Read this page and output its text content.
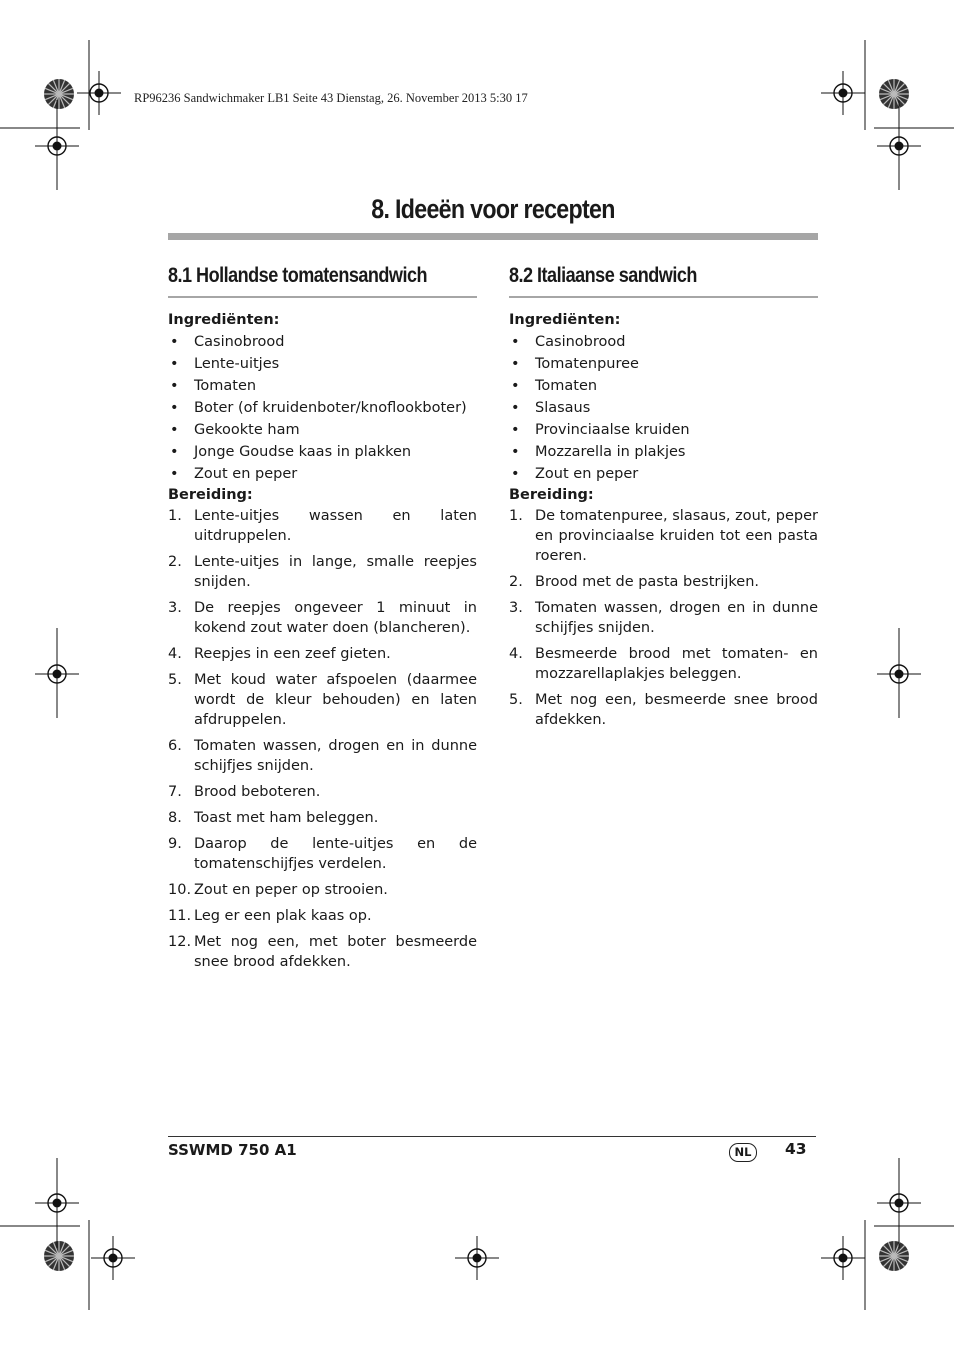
RP96236 Sandwichmaker LB1 Seite 43 Dienstag, 26. November 2013 5:30 17
8. Ideeën voor recepten
8.1 Hollandse tomatensandwich
Ingrediënten:
• Casinobrood
• Lente-uitjes
• Tomaten
• Boter (of kruidenboter/knoflookboter)
• Gekookte ham
• Jonge Goudse kaas in plakken
• Zout en peper
Bereiding:
1. Lente-uitjes wassen en laten uitdruppelen.
2. Lente-uitjes in lange, smalle reepjes snijden.
3. De reepjes ongeveer 1 minuut in kokend zout water doen (blancheren).
4. Reepjes in een zeef gieten.
5. Met koud water afspoelen (daarmee wordt de kleur behouden) en laten afdruppelen.
6. Tomaten wassen, drogen en in dunne schijfjes snijden.
7. Brood beboteren.
8. Toast met ham beleggen.
9. Daarop de lente-uitjes en de tomatenschijfjes verdelen.
10. Zout en peper op strooien.
11. Leg er een plak kaas op.
12. Met nog een, met boter besmeerde snee brood afdekken.
8.2 Italiaanse sandwich
Ingrediënten:
• Casinobrood
• Tomatenpuree
• Tomaten
• Slasaus
• Provinciaalse kruiden
• Mozzarella in plakjes
• Zout en peper
Bereiding:
1. De tomatenpuree, slasaus, zout, peper en provinciaalse kruiden tot een pasta roeren.
2. Brood met de pasta bestrijken.
3. Tomaten wassen, drogen en in dunne schijfjes snijden.
4. Besmeerde brood met tomaten- en mozzarellaplakjes beleggen.
5. Met nog een, besmeerde snee brood afdekken.
SSWMD 750 A1	NL	43
